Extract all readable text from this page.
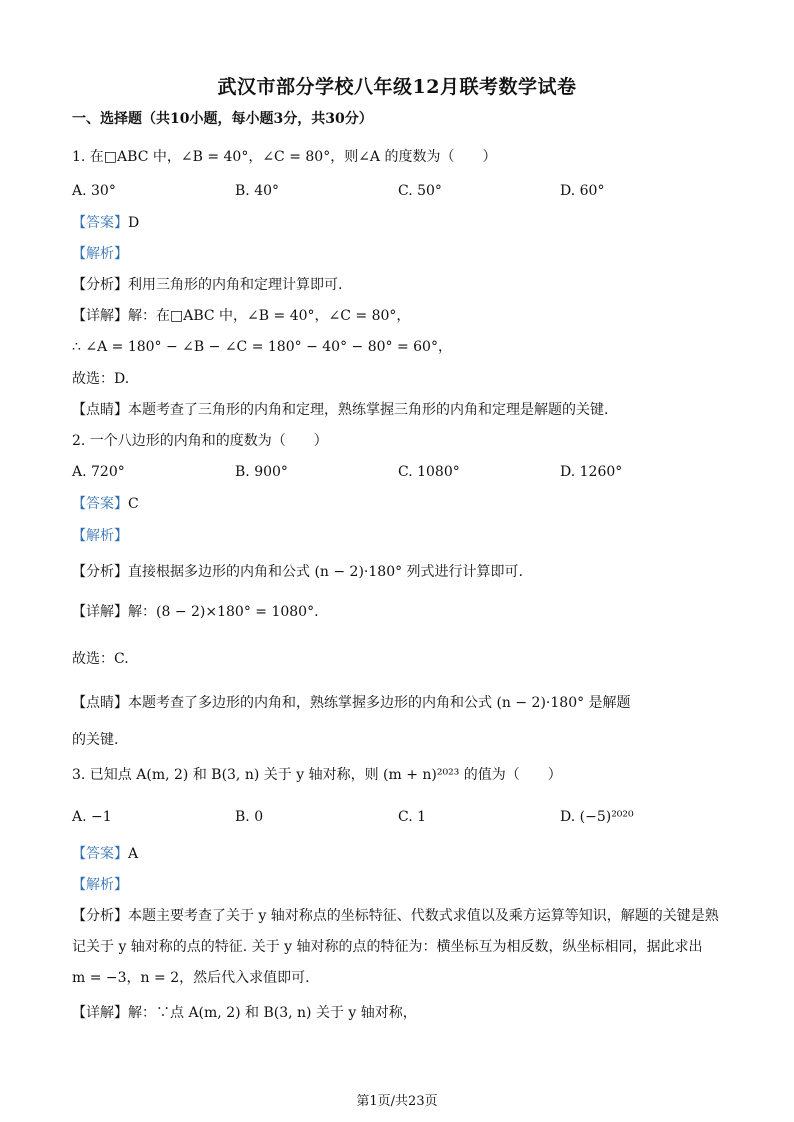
武汉市部分学校八年级12月联考数学试卷
一、选择题（共10小题，每小题3分，共30分）
1. 在□ABC 中，∠B = 40°，∠C = 80°，则∠A 的度数为（　　）
A. 30°	B. 40°	C. 50°	D. 60°
【答案】D
【解析】
【分析】利用三角形的内角和定理计算即可.
【详解】解：在□ABC 中，∠B = 40°，∠C = 80°，
∴ ∠A = 180° − ∠B − ∠C = 180° − 40° − 80° = 60°，
故选：D.
【点睛】本题考查了三角形的内角和定理，熟练掌握三角形的内角和定理是解题的关键.
2. 一个八边形的内角和的度数为（　　）
A. 720°	B. 900°	C. 1080°	D. 1260°
【答案】C
【解析】
【分析】直接根据多边形的内角和公式 (n − 2)·180° 列式进行计算即可.
【详解】解：(8 − 2)×180° = 1080°.
故选：C.
【点睛】本题考查了多边形的内角和，熟练掌握多边形的内角和公式 (n − 2)·180° 是解题
的关键.
3. 已知点 A(m, 2) 和 B(3, n) 关于 y 轴对称，则 (m + n)²⁰²³ 的值为（　　）
A. −1	B. 0	C. 1	D. (−5)²⁰²⁰
【答案】A
【解析】
【分析】本题主要考查了关于 y 轴对称点的坐标特征、代数式求值以及乘方运算等知识，解题的关键是熟
记关于 y 轴对称的点的特征. 关于 y 轴对称的点的特征为：横坐标互为相反数，纵坐标相同，据此求出
m = −3，n = 2，然后代入求值即可.
【详解】解：∵点 A(m, 2) 和 B(3, n) 关于 y 轴对称，
第1页/共23页
